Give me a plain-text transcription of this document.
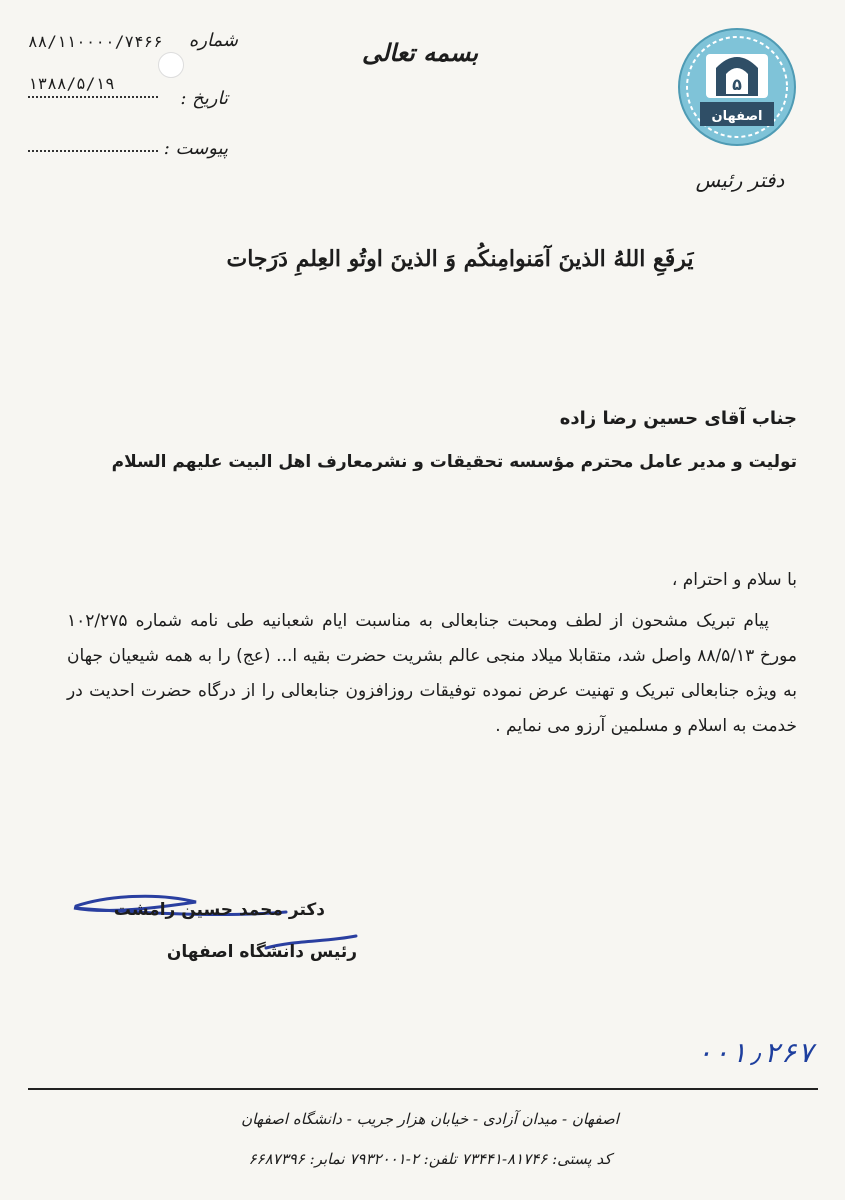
۸۸/۱۱۰۰۰۰/۷۴۶۶ شماره
۱۳۸۸/۵/۱۹
تاریخ :
پیوست :
بسمه تعالی
۵
اصفهان
دفتر رئیس
يَرفَعِ اللهُ الذينَ آمَنوامِنكُم وَ الذينَ اوتُو العِلمِ دَرَجات
جناب آقای حسین رضا زاده
تولیت و مدیر عامل محترم مؤسسه تحقیقات و نشرمعارف اهل البیت علیهم السلام
با سلام و احترام ،
پیام تبریک مشحون از لطف ومحبت جنابعالی به مناسبت ایام شعبانیه طی نامه شماره ۱۰۲/۲۷۵ مورخ ۸۸/۵/۱۳ واصل شد، متقابلا میلاد منجی عالم بشریت حضرت بقیه ا... (عج) را به همه شیعیان جهان به ویژه جنابعالی تبریک و تهنیت عرض نموده توفیقات روزافزون جنابعالی را از درگاه حضرت احدیت در خدمت به اسلام و مسلمین آرزو می نمایم .
دکتر محمد حسین رامشت
رئیس دانشگاه اصفهان
۰۰۱٫۲۶۷
اصفهان - میدان آزادی - خیابان هزار جریب - دانشگاه اصفهان
کد پستی: ۸۱۷۴۶-۷۳۴۴۱ تلفن: ۲-۷۹۳۲۰۰۱ نمابر: ۶۶۸۷۳۹۶
